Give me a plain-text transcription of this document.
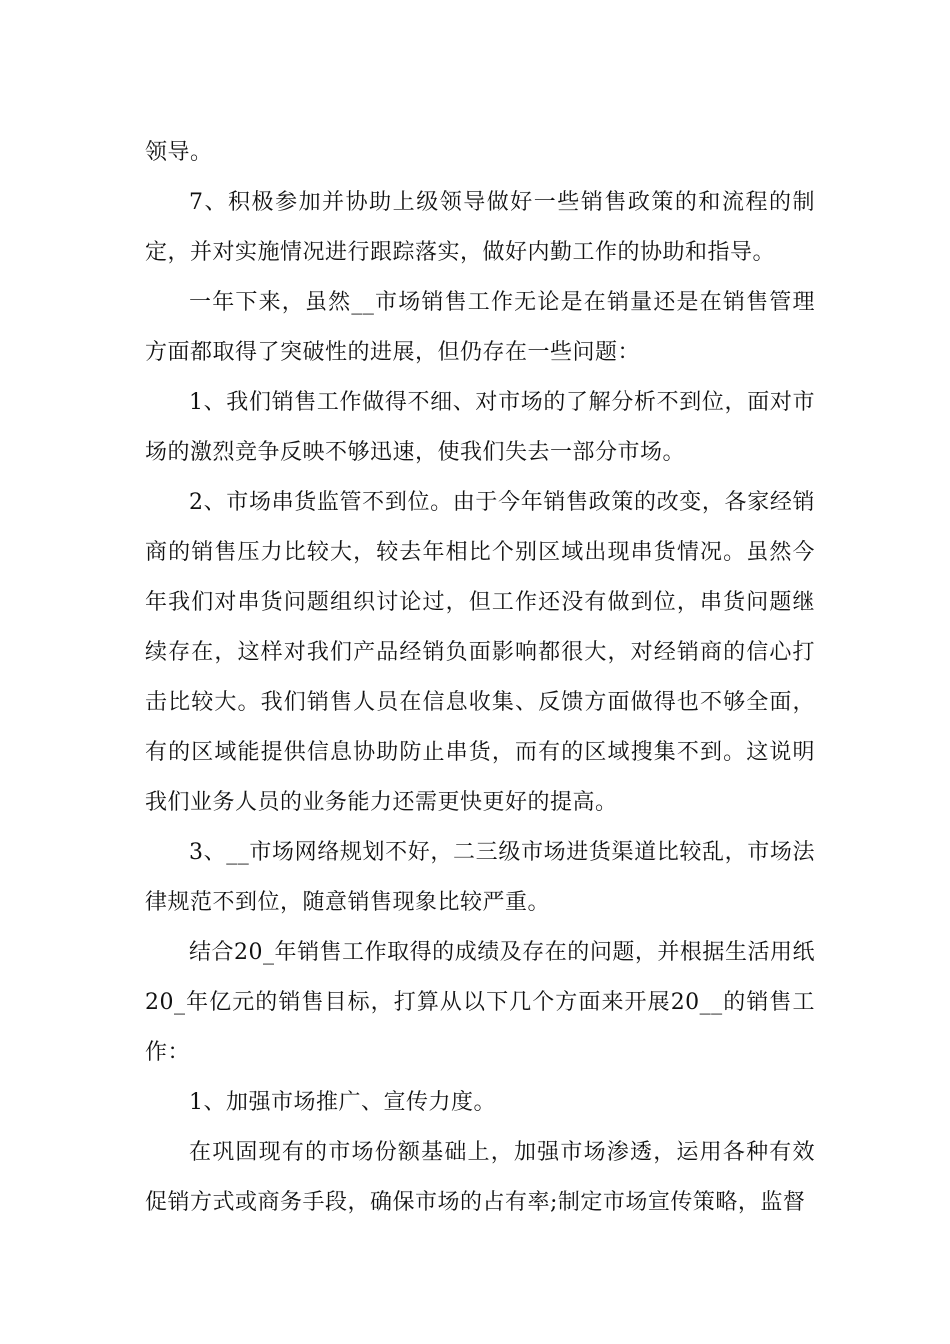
领导。

7、积极参加并协助上级领导做好一些销售政策的和流程的制定，并对实施情况进行跟踪落实，做好内勤工作的协助和指导。

一年下来，虽然__市场销售工作无论是在销量还是在销售管理方面都取得了突破性的进展，但仍存在一些问题：

1、我们销售工作做得不细、对市场的了解分析不到位，面对市场的激烈竞争反映不够迅速，使我们失去一部分市场。

2、市场串货监管不到位。由于今年销售政策的改变，各家经销商的销售压力比较大，较去年相比个别区域出现串货情况。虽然今年我们对串货问题组织讨论过，但工作还没有做到位，串货问题继续存在，这样对我们产品经销负面影响都很大，对经销商的信心打击比较大。我们销售人员在信息收集、反馈方面做得也不够全面，有的区域能提供信息协助防止串货，而有的区域搜集不到。这说明我们业务人员的业务能力还需更快更好的提高。

3、__市场网络规划不好，二三级市场进货渠道比较乱，市场法律规范不到位，随意销售现象比较严重。

结合20_年销售工作取得的成绩及存在的问题，并根据生活用纸20_年亿元的销售目标，打算从以下几个方面来开展20__的销售工作：

1、加强市场推广、宣传力度。

在巩固现有的市场份额基础上，加强市场渗透，运用各种有效促销方式或商务手段，确保市场的占有率;制定市场宣传策略，监督
